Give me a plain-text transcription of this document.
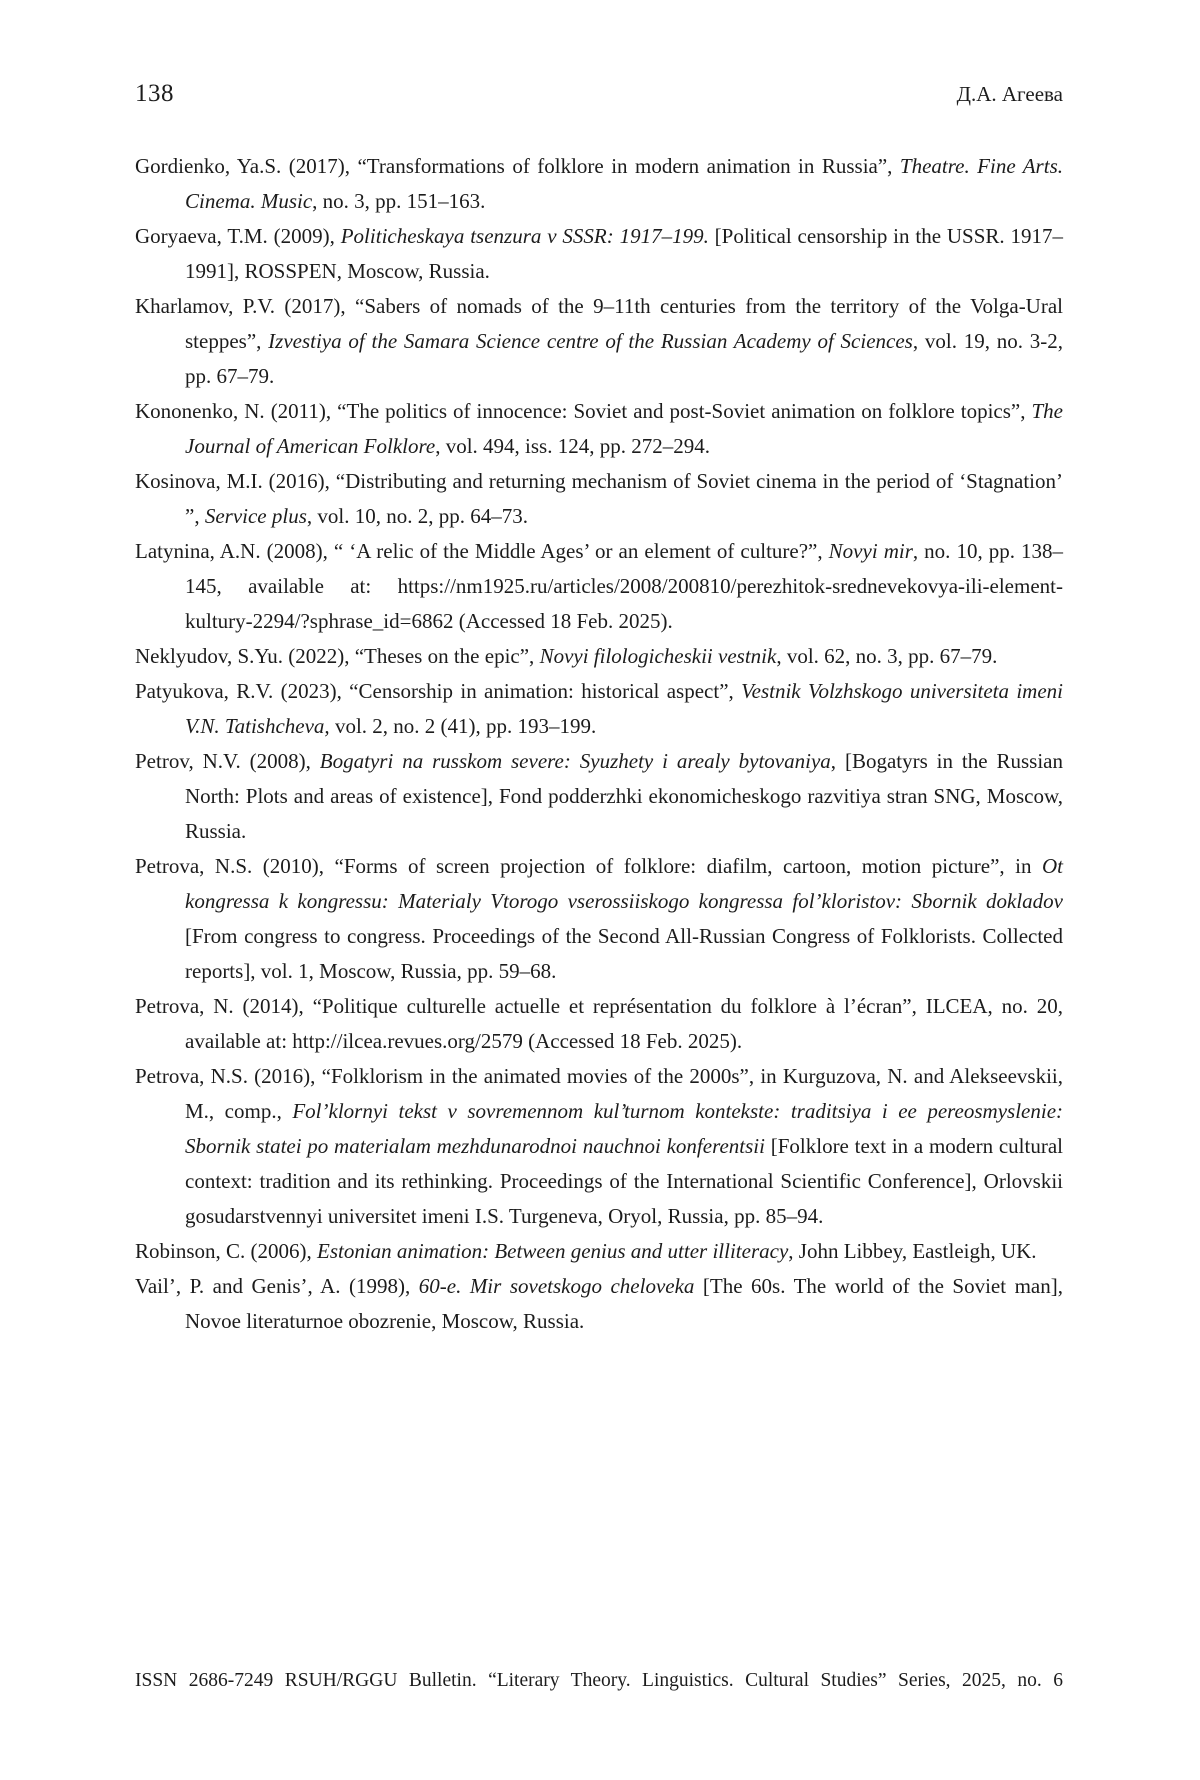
138	Д.А. Агеева

Gordienko, Ya.S. (2017), “Transformations of folklore in modern animation in Russia”, Theatre. Fine Arts. Cinema. Music, no. 3, pp. 151–163.

Goryaeva, T.M. (2009), Politicheskaya tsenzura v SSSR: 1917–199. [Political censorship in the USSR. 1917–1991], ROSSPEN, Moscow, Russia.

Kharlamov, P.V. (2017), “Sabers of nomads of the 9–11th centuries from the territory of the Volga-Ural steppes”, Izvestiya of the Samara Science centre of the Russian Academy of Sciences, vol. 19, no. 3-2, pp. 67–79.

Kononenko, N. (2011), “The politics of innocence: Soviet and post-Soviet animation on folklore topics”, The Journal of American Folklore, vol. 494, iss. 124, pp. 272–294.

Kosinova, M.I. (2016), “Distributing and returning mechanism of Soviet cinema in the period of ‘Stagnation’ ”, Service plus, vol. 10, no. 2, pp. 64–73.

Latynina, A.N. (2008), “ ‘A relic of the Middle Ages’ or an element of culture?”, Novyi mir, no. 10, pp. 138–145, available at: https://nm1925.ru/articles/2008/200810/perezhitok-srednevekovya-ili-element-kultury-2294/?sphrase_id=6862 (Accessed 18 Feb. 2025).

Neklyudov, S.Yu. (2022), “Theses on the epic”, Novyi filologicheskii vestnik, vol. 62, no. 3, pp. 67–79.

Patyukova, R.V. (2023), “Censorship in animation: historical aspect”, Vestnik Volzhskogo universiteta imeni V.N. Tatishcheva, vol. 2, no. 2 (41), pp. 193–199.

Petrov, N.V. (2008), Bogatyri na russkom severe: Syuzhety i arealy bytovaniya, [Bogatyrs in the Russian North: Plots and areas of existence], Fond podderzhki ekonomicheskogo razvitiya stran SNG, Moscow, Russia.

Petrova, N.S. (2010), “Forms of screen projection of folklore: diafilm, cartoon, motion picture”, in Ot kongressa k kongressu: Materialy Vtorogo vserossiiskogo kongressa fol’kloristov: Sbornik dokladov [From congress to congress. Proceedings of the Second All-Russian Congress of Folklorists. Collected reports], vol. 1, Moscow, Russia, pp. 59–68.

Petrova, N. (2014), “Politique culturelle actuelle et représentation du folklore à l’écran”, ILCEA, no. 20, available at: http://ilcea.revues.org/2579 (Accessed 18 Feb. 2025).

Petrova, N.S. (2016), “Folklorism in the animated movies of the 2000s”, in Kurguzova, N. and Alekseevskii, M., comp., Fol’klornyi tekst v sovremennom kul’turnom kontekste: traditsiya i ee pereosmyslenie: Sbornik statei po materialam mezhdunarodnoi nauchnoi konferentsii [Folklore text in a modern cultural context: tradition and its rethinking. Proceedings of the International Scientific Conference], Orlovskii gosudarstvennyi universitet imeni I.S. Turgeneva, Oryol, Russia, pp. 85–94.

Robinson, C. (2006), Estonian animation: Between genius and utter illiteracy, John Libbey, Eastleigh, UK.

Vail’, P. and Genisʼ, A. (1998), 60-e. Mir sovetskogo cheloveka [The 60s. The world of the Soviet man], Novoe literaturnoe obozrenie, Moscow, Russia.

ISSN 2686-7249 RSUH/RGGU Bulletin. “Literary Theory. Linguistics. Cultural Studies” Series, 2025, no. 6
